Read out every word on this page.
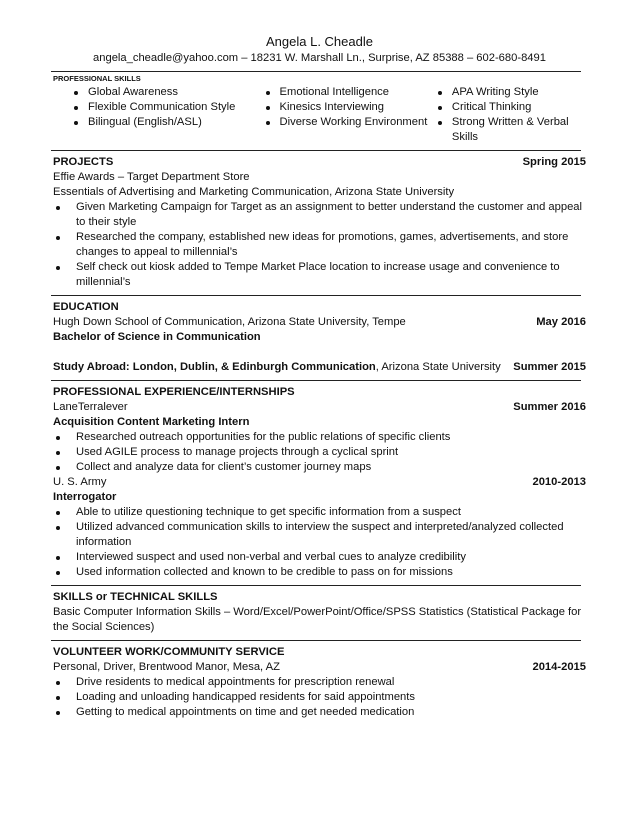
Angela L. Cheadle
angela_cheadle@yahoo.com – 18231 W. Marshall Ln., Surprise, AZ 85388 – 602-680-8491
PROFESSIONAL SKILLS
Global Awareness
Flexible Communication Style
Bilingual (English/ASL)
Emotional Intelligence
Kinesics Interviewing
Diverse Working Environment
APA Writing Style
Critical Thinking
Strong Written & Verbal Skills
PROJECTS	Spring 2015
Effie Awards – Target Department Store
Essentials of Advertising and Marketing Communication, Arizona State University
Given Marketing Campaign for Target as an assignment to better understand the customer and appeal to their style
Researched the company, established new ideas for promotions, games, advertisements, and store changes to appeal to millennial’s
Self check out kiosk added to Tempe Market Place location to increase usage and convenience to millennial’s
EDUCATION
Hugh Down School of Communication, Arizona State University, Tempe	May 2016
Bachelor of Science in Communication
Study Abroad: London, Dublin, & Edinburgh Communication, Arizona State University Summer 2015
PROFESSIONAL EXPERIENCE/INTERNSHIPS
LaneTerralever	Summer 2016
Acquisition Content Marketing Intern
Researched outreach opportunities for the public relations of specific clients
Used AGILE process to manage projects through a cyclical sprint
Collect and analyze data for client’s customer journey maps
U. S. Army	2010-2013
Interrogator
Able to utilize questioning technique to get specific information from a suspect
Utilized advanced communication skills to interview the suspect and interpreted/analyzed collected information
Interviewed suspect and used non-verbal and verbal cues to analyze credibility
Used information collected and known to be credible to pass on for missions
SKILLS or TECHNICAL SKILLS
Basic Computer Information Skills – Word/Excel/PowerPoint/Office/SPSS Statistics (Statistical Package for the Social Sciences)
VOLUNTEER WORK/COMMUNITY SERVICE
Personal, Driver, Brentwood Manor, Mesa, AZ	2014-2015
Drive residents to medical appointments for prescription renewal
Loading and unloading handicapped residents for said appointments
Getting to medical appointments on time and get needed medication
